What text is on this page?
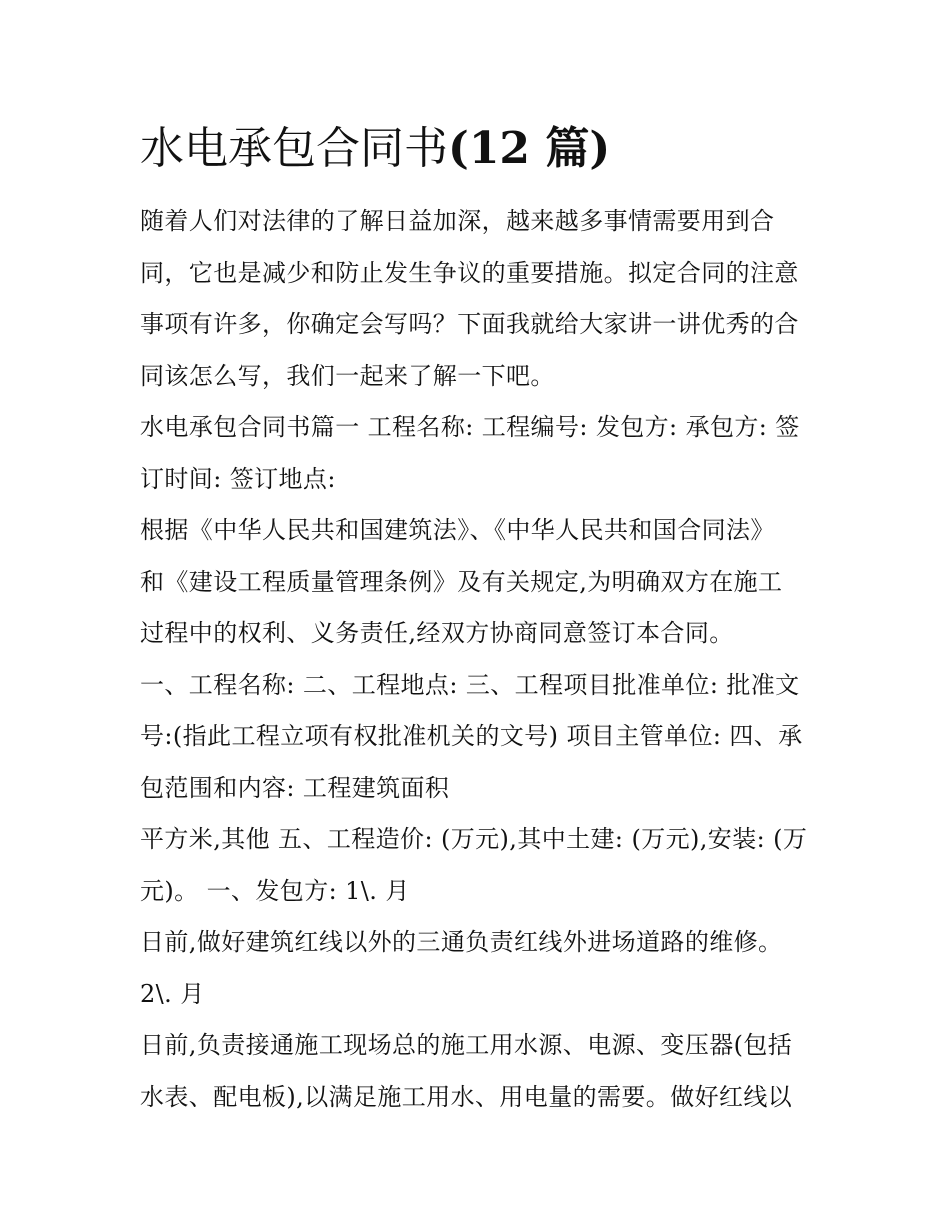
水电承包合同书(12 篇)
随着人们对法律的了解日益加深，越来越多事情需要用到合
同，它也是减少和防止发生争议的重要措施。拟定合同的注意
事项有许多，你确定会写吗？下面我就给大家讲一讲优秀的合
同该怎么写，我们一起来了解一下吧。
水电承包合同书篇一 工程名称: 工程编号: 发包方: 承包方: 签
订时间: 签订地点:
根据《中华人民共和国建筑法》、《中华人民共和国合同法》
和《建设工程质量管理条例》及有关规定,为明确双方在施工
过程中的权利、义务责任,经双方协商同意签订本合同。
一、工程名称: 二、工程地点: 三、工程项目批准单位: 批准文
号:(指此工程立项有权批准机关的文号) 项目主管单位: 四、承
包范围和内容: 工程建筑面积
平方米,其他 五、工程造价: (万元),其中土建: (万元),安装: (万
元)。 一、发包方: 1\. 月
日前,做好建筑红线以外的三通负责红线外进场道路的维修。
2\. 月
日前,负责接通施工现场总的施工用水源、电源、变压器(包括
水表、配电板),以满足施工用水、用电量的需要。做好红线以
